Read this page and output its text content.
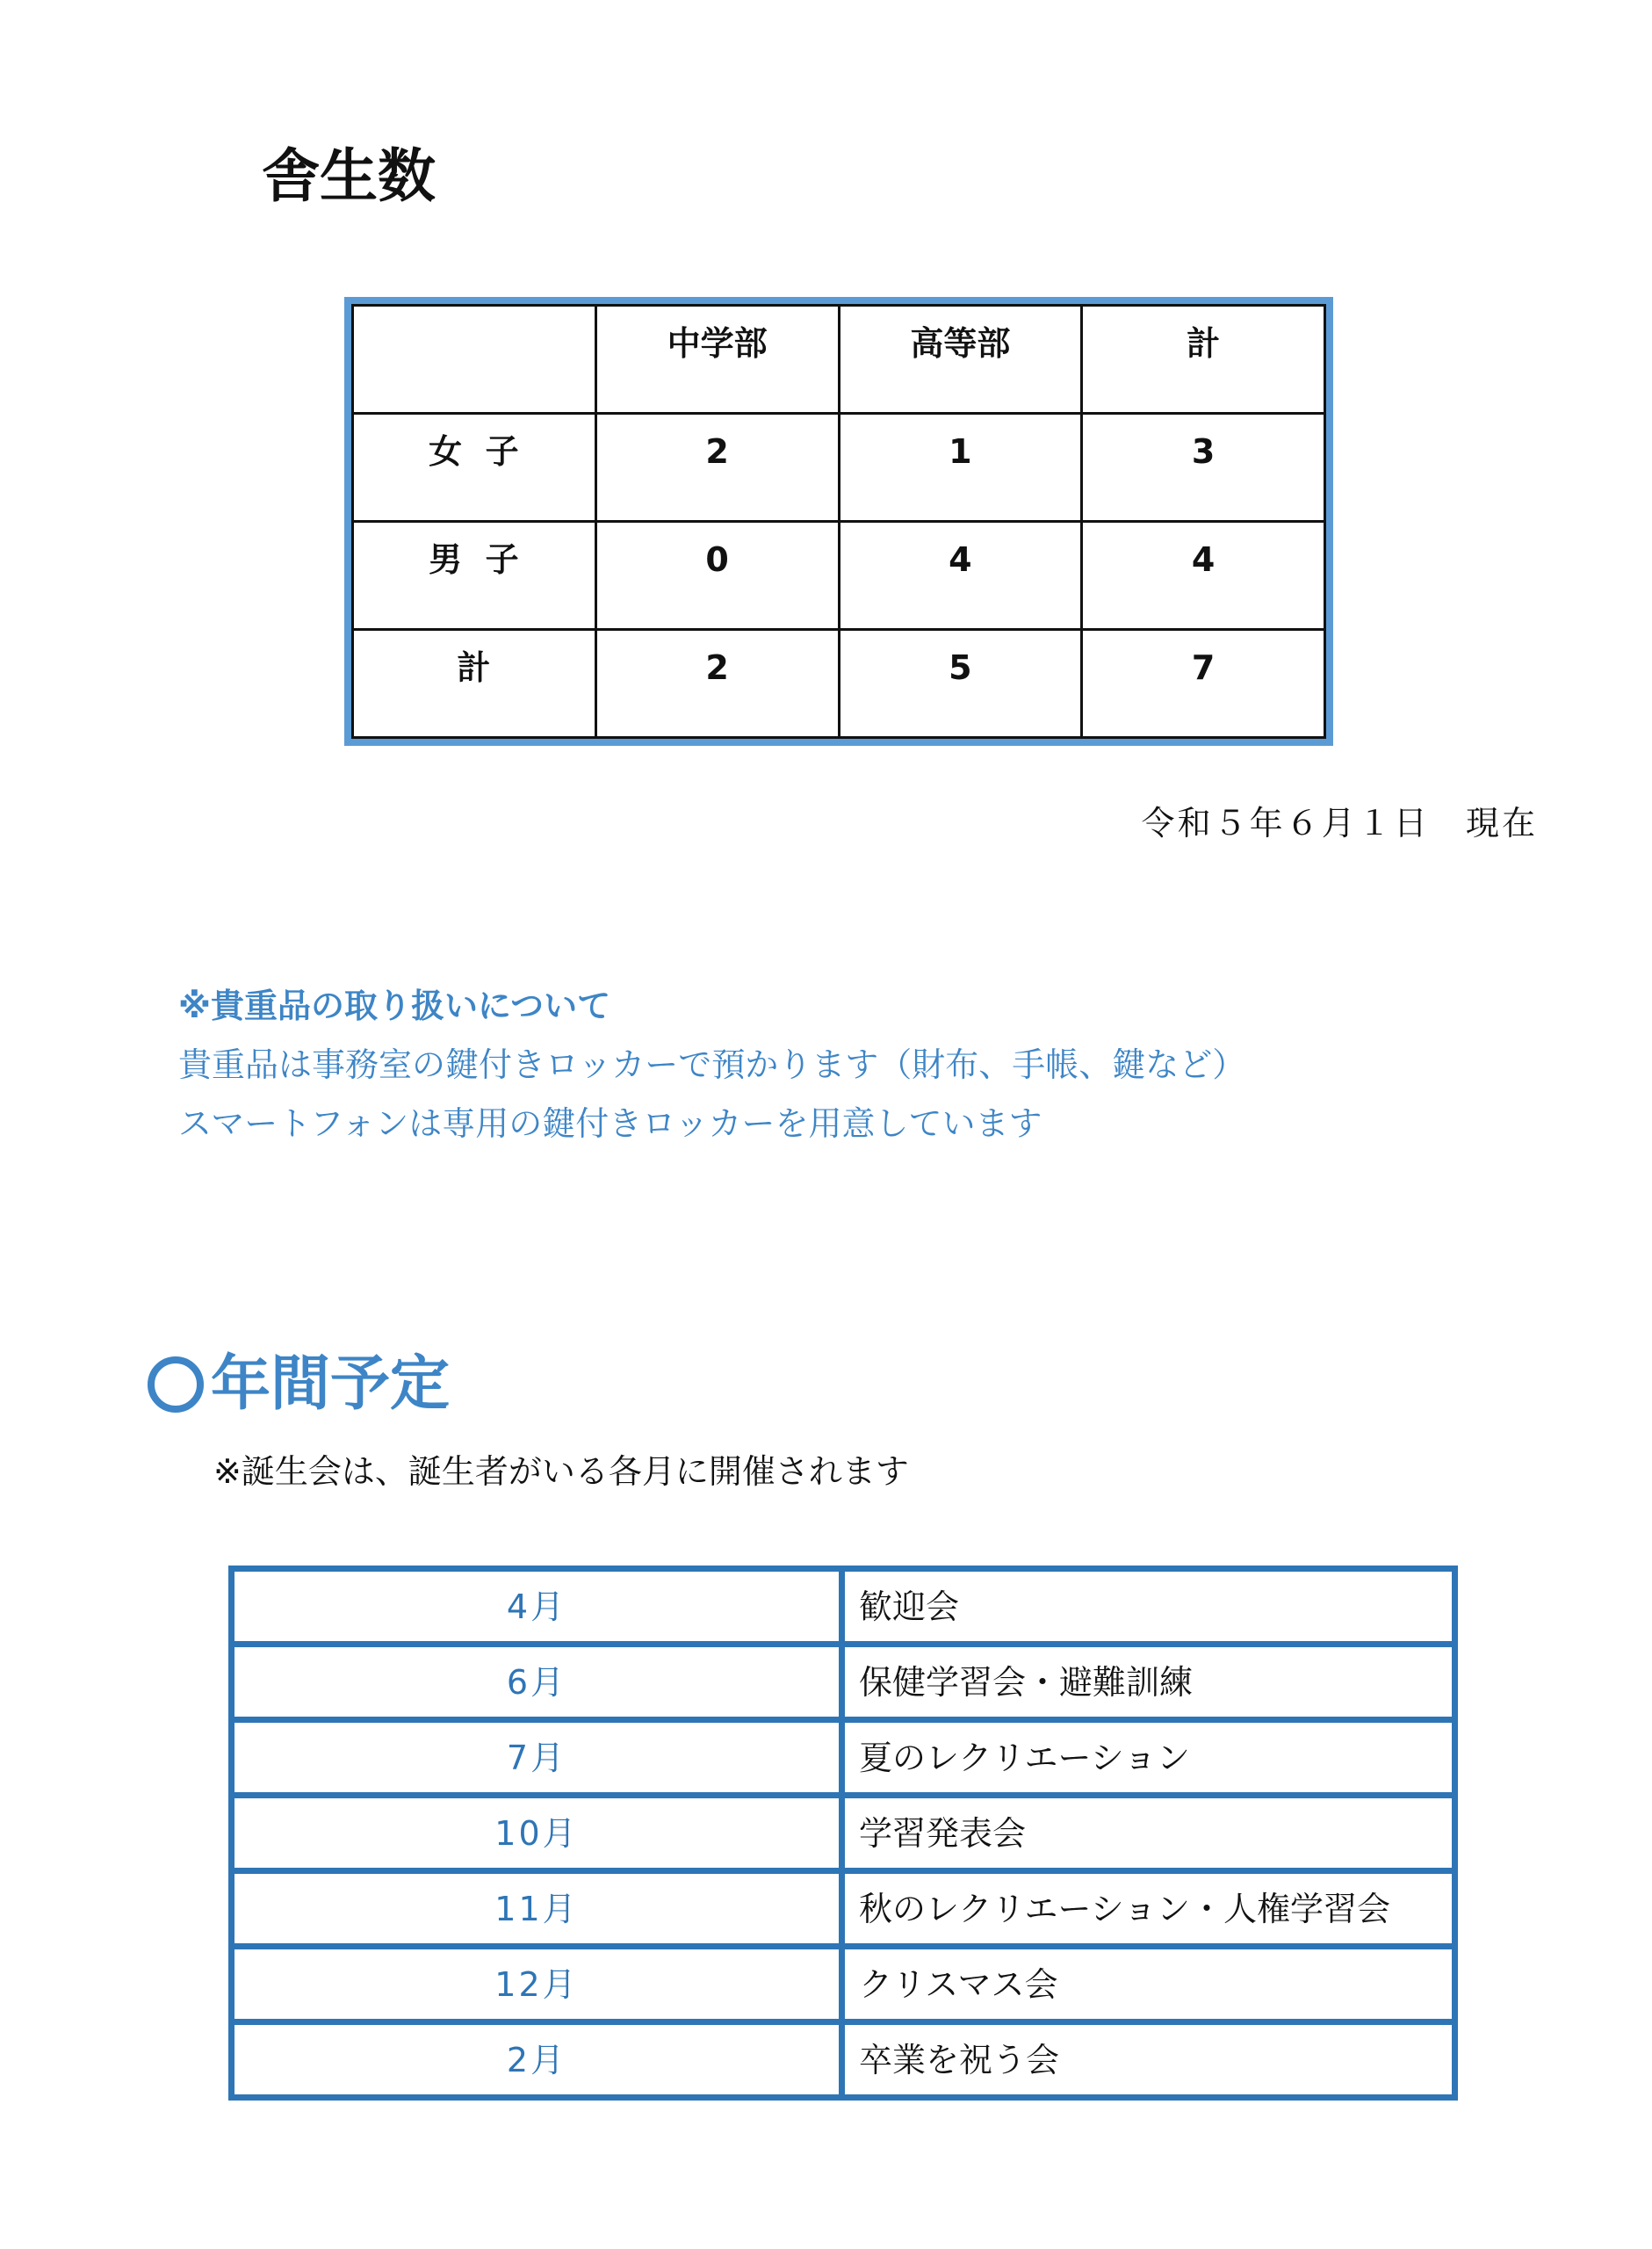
舎生数
	中学部	高等部	計
女子	2	1	3
男子	0	4	4
計	2	5	7
令和５年６月１日　現在
※貴重品の取り扱いについて
貴重品は事務室の鍵付きロッカーで預かります（財布、手帳、鍵など）
スマートフォンは専用の鍵付きロッカーを用意しています
年間予定
※誕生会は、誕生者がいる各月に開催されます
4月	歓迎会
6月	保健学習会・避難訓練
7月	夏のレクリエーション
10月	学習発表会
11月	秋のレクリエーション・人権学習会
12月	クリスマス会
2月	卒業を祝う会
